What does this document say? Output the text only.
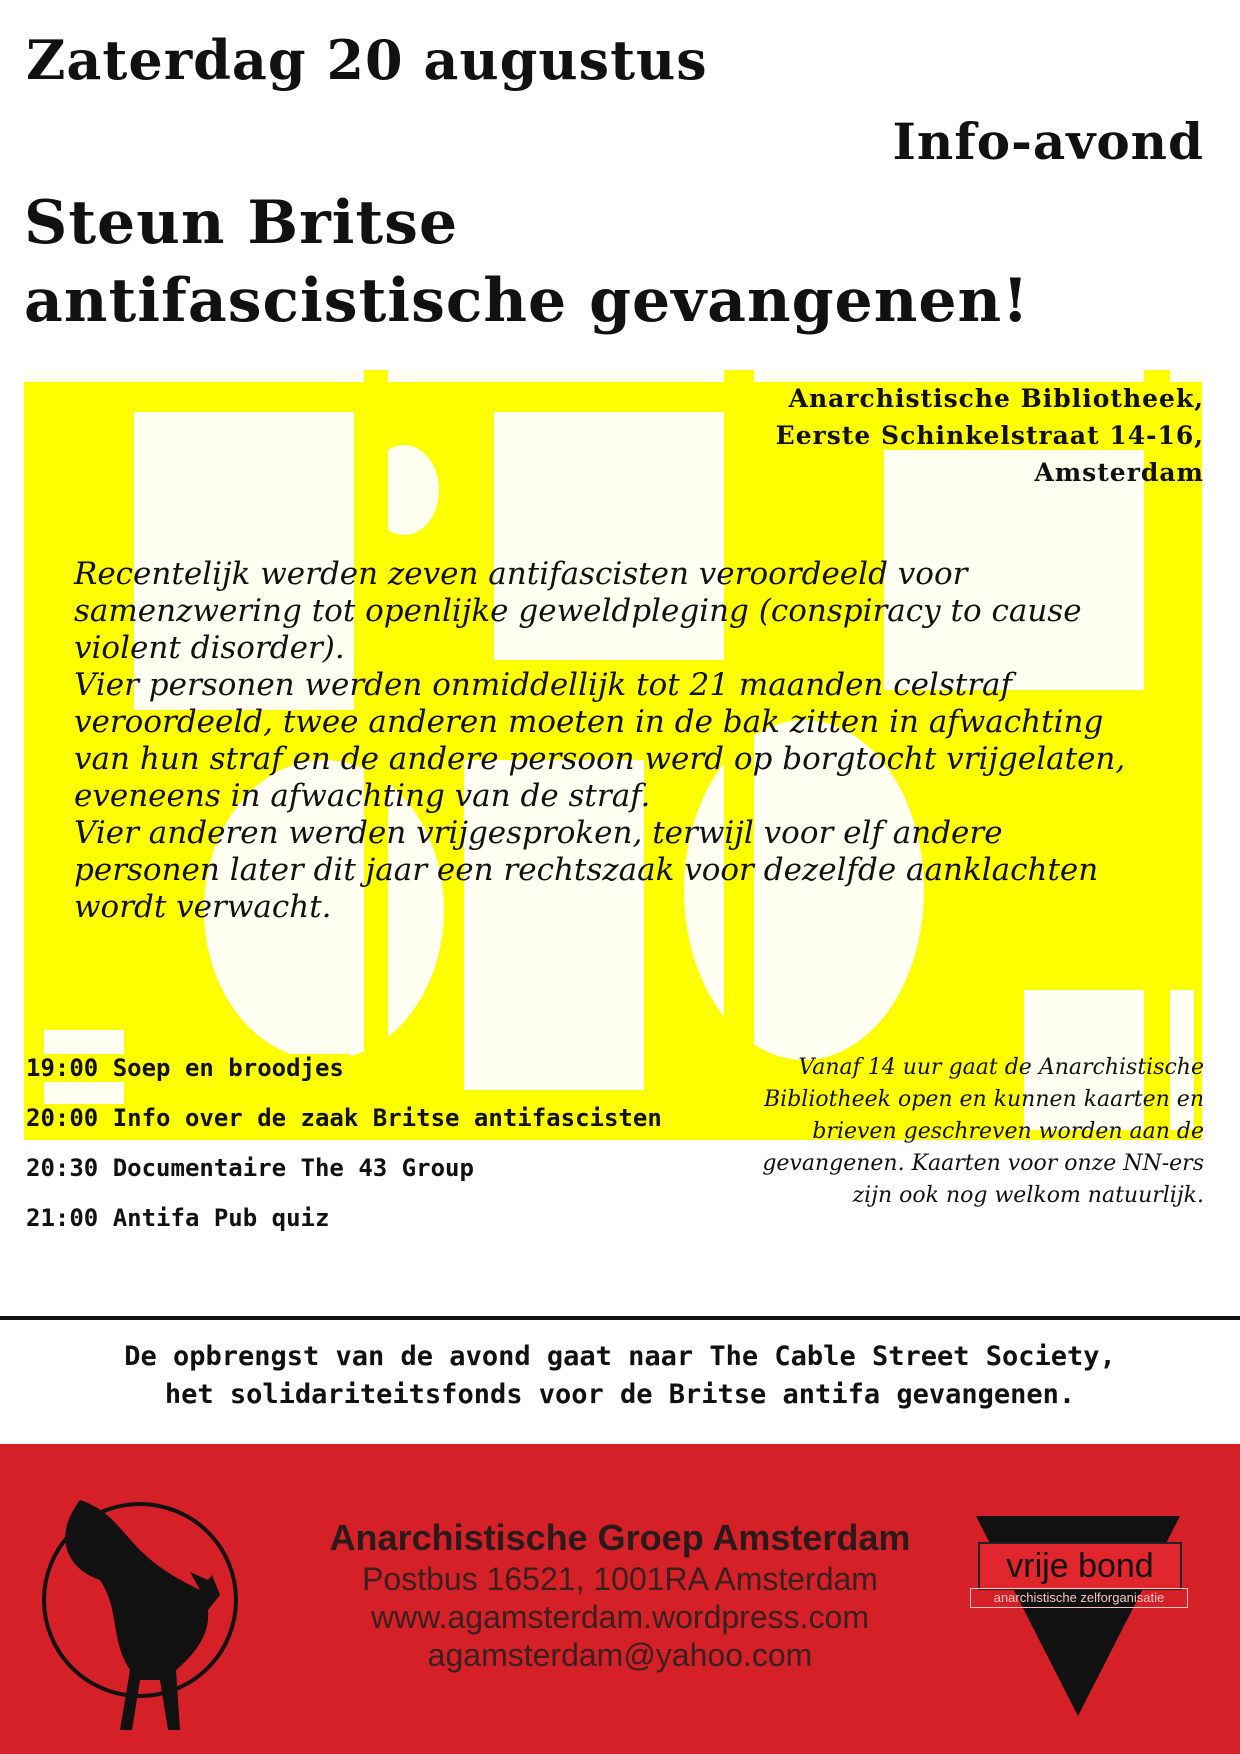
Zaterdag 20 augustus
Info-avond
Steun Britse
antifascistische gevangenen!
Anarchistische Bibliotheek,
Eerste Schinkelstraat 14-16,
Amsterdam

Recentelijk werden zeven antifascisten veroordeeld voor samenzwering tot openlijke geweldpleging (conspiracy to cause violent disorder).

Vier personen werden onmiddellijk tot 21 maanden celstraf veroordeeld, twee anderen moeten in de bak zitten in afwachting van hun straf en de andere persoon werd op borgtocht vrijgelaten, eveneens in afwachting van de straf.

Vier anderen werden vrijgesproken, terwijl voor elf andere personen later dit jaar een rechtszaak voor dezelfde aanklachten wordt verwacht.

19:00 Soep en broodjes
20:00 Info over de zaak Britse antifascisten
20:30 Documentaire The 43 Group
21:00 Antifa Pub quiz
Vanaf 14 uur gaat de Anarchistische Bibliotheek open en kunnen kaarten en brieven geschreven worden aan de gevangenen. Kaarten voor onze NN-ers zijn ook nog welkom natuurlijk.
De opbrengst van de avond gaat naar The Cable Street Society,
het solidariteitsfonds voor de Britse antifa gevangenen.
Anarchistische Groep Amsterdam
Postbus 16521, 1001RA Amsterdam
www.agamsterdam.wordpress.com
agamsterdam@yahoo.com
vrije bond
anarchistische zelforganisatie
